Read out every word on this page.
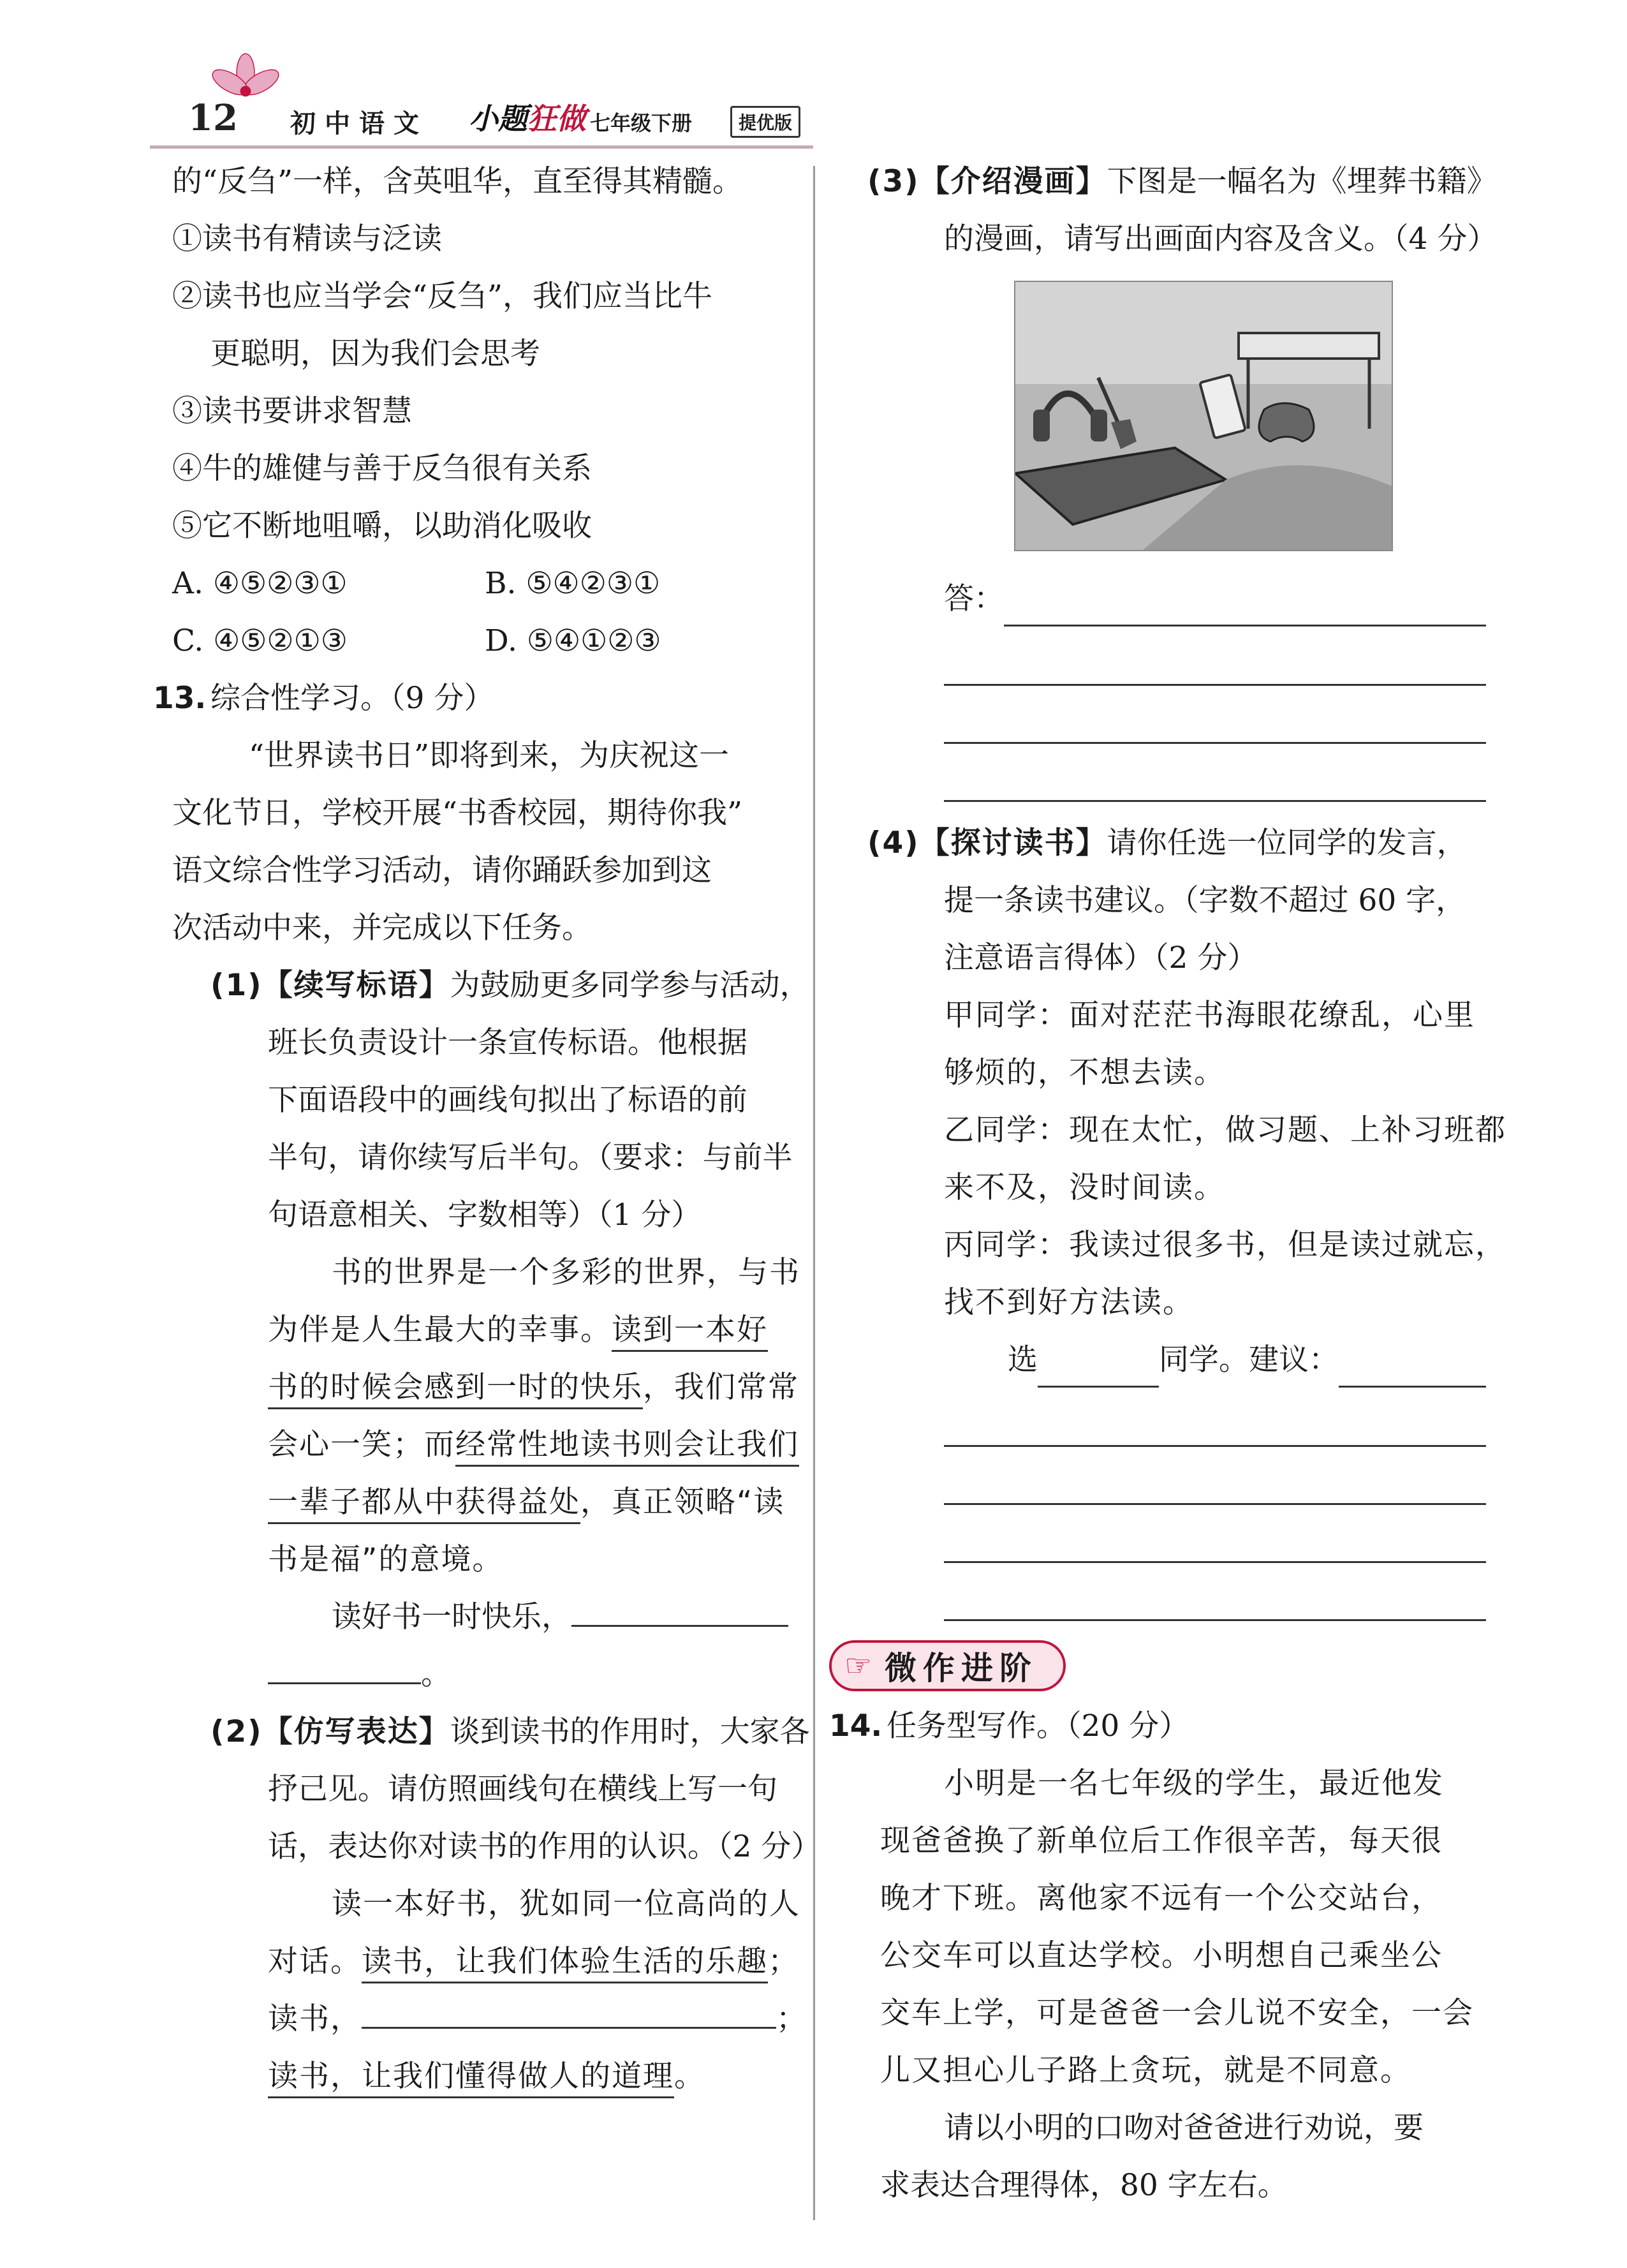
12 初中语文 小题狂做 七年级下册	提优版
的“反刍”一样，含英咀华，直至得其精髓。
①读书有精读与泛读
②读书也应当学会“反刍”，我们应当比牛
更聪明，因为我们会思考
③读书要讲求智慧
④牛的雄健与善于反刍很有关系
⑤它不断地咀嚼，以助消化吸收
A. ④⑤②③①	B. ⑤④②③①
C. ④⑤②①③	D. ⑤④①②③
13. 综合性学习。（9 分）
“世界读书日”即将到来，为庆祝这一
文化节日，学校开展“书香校园，期待你我”
语文综合性学习活动，请你踊跃参加到这
次活动中来，并完成以下任务。
(1)【续写标语】为鼓励更多同学参与活动，
班长负责设计一条宣传标语。他根据
下面语段中的画线句拟出了标语的前
半句，请你续写后半句。（要求：与前半
句语意相关、字数相等）（1 分）
书的世界是一个多彩的世界，与书
为伴是人生最大的幸事。读到一本好
书的时候会感到一时的快乐，我们常常
会心一笑；而经常性地读书则会让我们
一辈子都从中获得益处，真正领略“读
书是福”的意境。
读好书一时快乐，
。
(2)【仿写表达】谈到读书的作用时，大家各
抒己见。请仿照画线句在横线上写一句
话，表达你对读书的作用的认识。（2 分）
读一本好书，犹如同一位高尚的人
对话。读书，让我们体验生活的乐趣；
读书，	；
读书，让我们懂得做人的道理。
(3)【介绍漫画】下图是一幅名为《埋葬书籍》
的漫画，请写出画面内容及含义。（4 分）
答：
(4)【探讨读书】请你任选一位同学的发言，
提一条读书建议。（字数不超过 60 字，
注意语言得体）（2 分）
甲同学：面对茫茫书海眼花缭乱，心里
够烦的，不想去读。
乙同学：现在太忙，做习题、上补习班都
来不及，没时间读。
丙同学：我读过很多书，但是读过就忘，
找不到好方法读。
选	同学。建议：
☞ 微作进阶
14. 任务型写作。（20 分）
小明是一名七年级的学生，最近他发
现爸爸换了新单位后工作很辛苦，每天很
晚才下班。离他家不远有一个公交站台，
公交车可以直达学校。小明想自己乘坐公
交车上学，可是爸爸一会儿说不安全，一会
儿又担心儿子路上贪玩，就是不同意。
请以小明的口吻对爸爸进行劝说，要
求表达合理得体，80 字左右。
